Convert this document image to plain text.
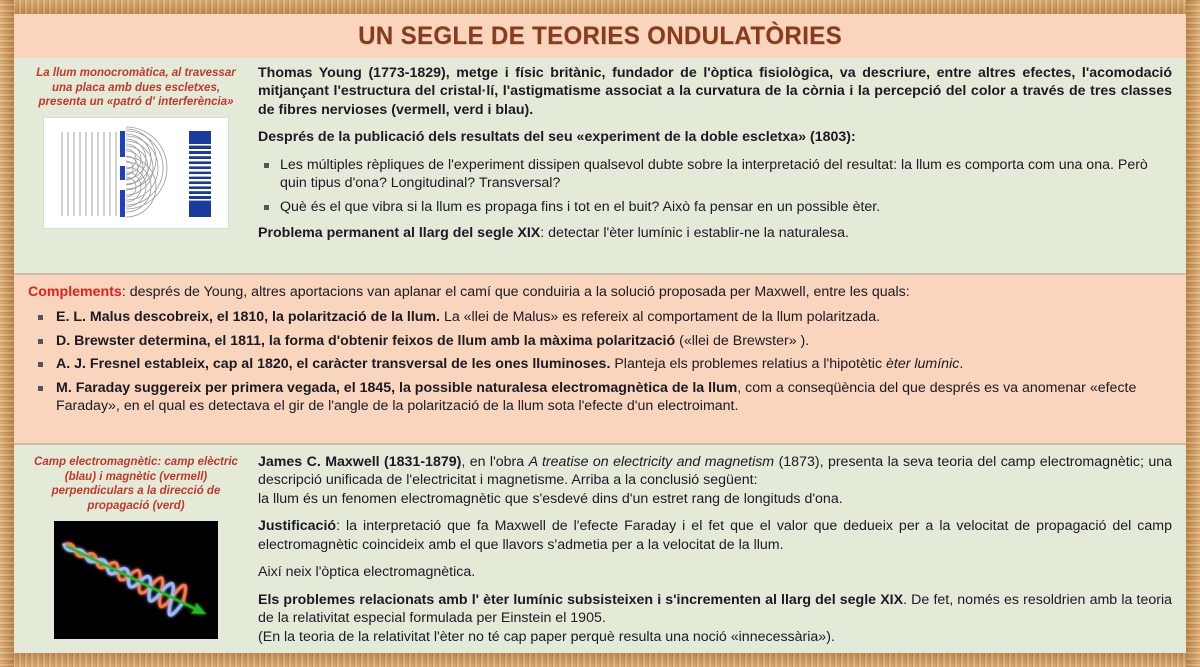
UN SEGLE DE TEORIES ONDULATÒRIES
La llum monocromàtica, al travessar una placa amb dues escletxes, presenta un «patró d' interferència»

Thomas Young (1773-1829), metge i físic britànic, fundador de l'òptica fisiològica, va descriure, entre altres efectes, l'acomodació mitjançant l'estructura del cristal·lí, l'astigmatisme associat a la curvatura de la còrnia i la percepció del color a través de tres classes de fibres nervioses (vermell, verd i blau).

Després de la publicació dels resultats del seu «experiment de la doble escletxa» (1803):

Les múltiples rèpliques de l'experiment dissipen qualsevol dubte sobre la interpretació del resultat: la llum es comporta com una ona. Però quin tipus d'ona? Longitudinal? Transversal?
Què és el que vibra si la llum es propaga fins i tot en el buit? Això fa pensar en un possible èter.

Problema permanent al llarg del segle XIX: detectar l'èter lumínic i establir-ne la naturalesa.

Complements: després de Young, altres aportacions van aplanar el camí que conduiria a la solució proposada per Maxwell, entre les quals:

E. L. Malus descobreix, el 1810, la polarització de la llum. La «llei de Malus» es refereix al comportament de la llum polaritzada.
D. Brewster determina, el 1811, la forma d'obtenir feixos de llum amb la màxima polarització («llei de Brewster» ).
A. J. Fresnel estableix, cap al 1820, el caràcter transversal de les ones lluminoses. Planteja els problemes relatius a l'hipotètic èter lumínic.
M. Faraday suggereix per primera vegada, el 1845, la possible naturalesa electromagnètica de la llum, com a conseqüència del que després es va anomenar «efecte Faraday», en el qual es detectava el gir de l'angle de la polarització de la llum sota l'efecte d'un electroimant.
Camp electromagnètic: camp elèctric (blau) i magnètic (vermell) perpendiculars a la direcció de propagació (verd)

James C. Maxwell (1831-1879), en l'obra A treatise on electricity and magnetism (1873), presenta la seva teoria del camp electromagnètic; una descripció unificada de l'electricitat i magnetisme. Arriba a la conclusió següent:
la llum és un fenomen electromagnètic que s'esdevé dins d'un estret rang de longituds d'ona.

Justificació: la interpretació que fa Maxwell de l'efecte Faraday i el fet que el valor que dedueix per a la velocitat de propagació del camp electromagnètic coincideix amb el que llavors s'admetia per a la velocitat de la llum.

Així neix l'òptica electromagnètica.

Els problemes relacionats amb l' èter lumínic subsisteixen i s'incrementen al llarg del segle XIX. De fet, només es resoldrien amb la teoria de la relativitat especial formulada per Einstein el 1905.
(En la teoria de la relativitat l'èter no té cap paper perquè resulta una noció «innecessària»).
